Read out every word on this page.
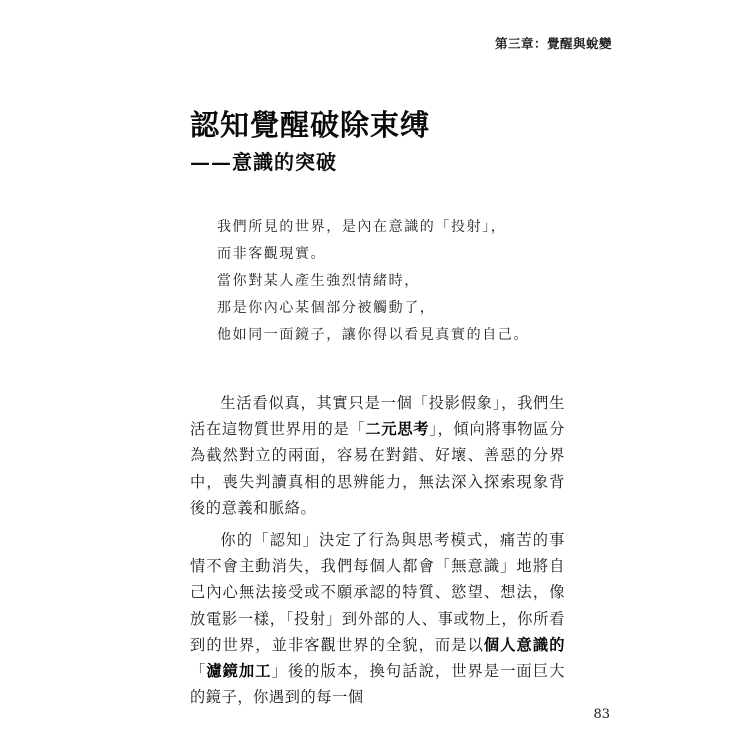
第三章：覺醒與蛻變
認知覺醒破除束缚
——意識的突破
我們所見的世界，是內在意識的「投射」，
而非客觀現實。
當你對某人產生強烈情緒時，
那是你內心某個部分被觸動了，
他如同一面鏡子，讓你得以看見真實的自己。

生活看似真，其實只是一個「投影假象」，我們生活在這物質世界用的是「二元思考」，傾向將事物區分為截然對立的兩面，容易在對錯、好壞、善惡的分界中，喪失判讀真相的思辨能力，無法深入探索現象背後的意義和脈絡。

你的「認知」決定了行為與思考模式，痛苦的事情不會主動消失，我們每個人都會「無意識」地將自己內心無法接受或不願承認的特質、慾望、想法，像放電影一樣，「投射」到外部的人、事或物上，你所看到的世界，並非客觀世界的全貌，而是以個人意識的「濾鏡加工」後的版本，換句話說，世界是一面巨大的鏡子，你遇到的每一個

83
